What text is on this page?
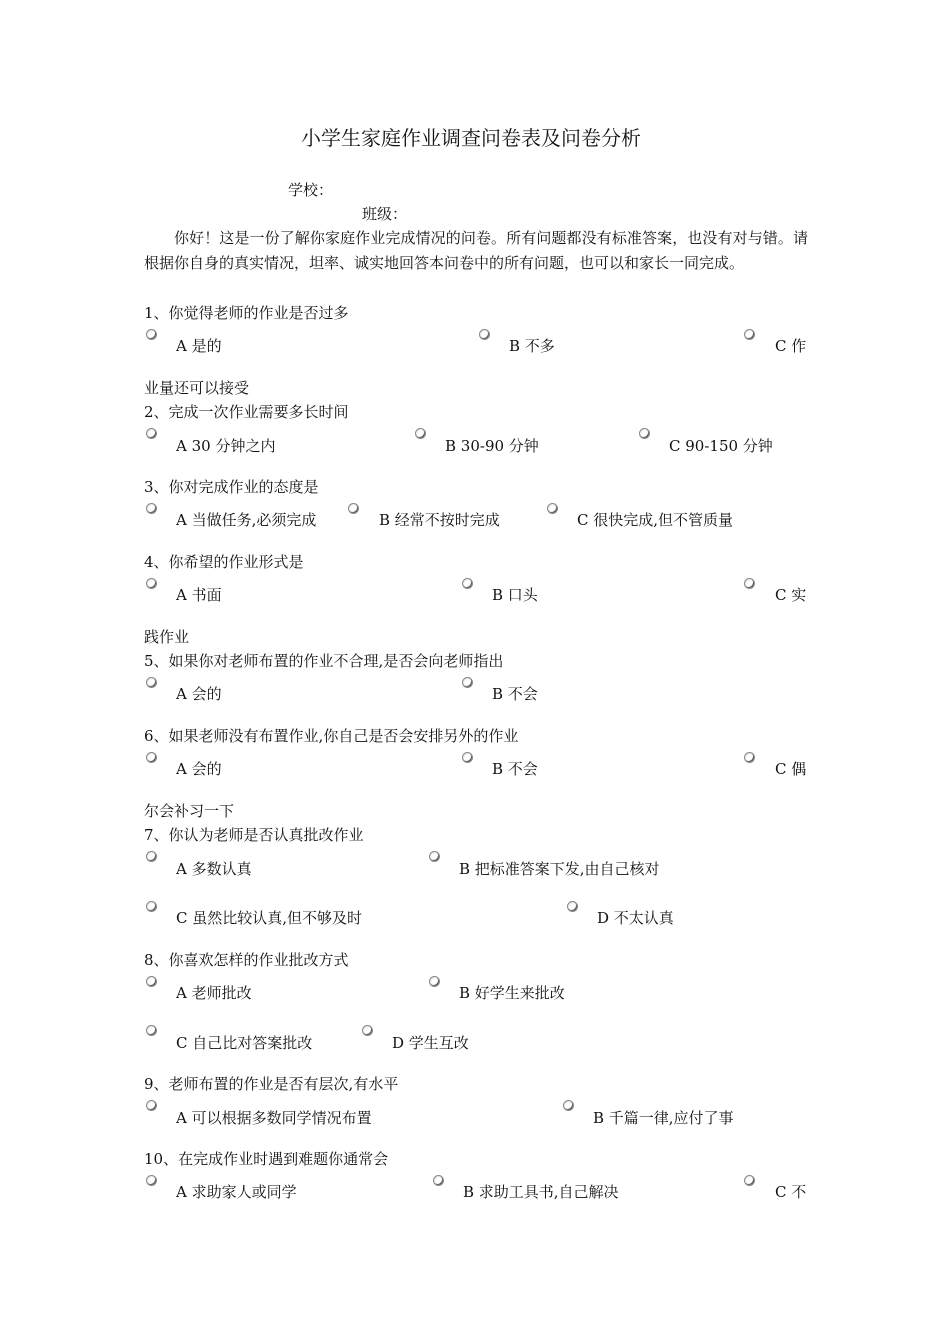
小学生家庭作业调查问卷表及问卷分析
学校：
班级：
你好！这是一份了解你家庭作业完成情况的问卷。所有问题都没有标准答案，也没有对与错。请根据你自身的真实情况，坦率、诚实地回答本问卷中的所有问题，也可以和家长一同完成。
1、你觉得老师的作业是否过多
A 是的	B 不多	C 作
业量还可以接受
2、完成一次作业需要多长时间
A 30 分钟之内	B 30-90 分钟	C 90-150 分钟
3、你对完成作业的态度是
A 当做任务,必须完成	B 经常不按时完成	C 很快完成,但不管质量
4、你希望的作业形式是
A 书面	B 口头	C 实
践作业
5、如果你对老师布置的作业不合理,是否会向老师指出
A 会的	B 不会
6、如果老师没有布置作业,你自己是否会安排另外的作业
A 会的	B 不会	C 偶
尔会补习一下
7、你认为老师是否认真批改作业
A 多数认真	B 把标准答案下发,由自己核对
C 虽然比较认真,但不够及时	D 不太认真
8、你喜欢怎样的作业批改方式
A 老师批改	B 好学生来批改
C 自己比对答案批改	D 学生互改
9、老师布置的作业是否有层次,有水平
A 可以根据多数同学情况布置	B 千篇一律,应付了事
10、在完成作业时遇到难题你通常会
A 求助家人或同学	B 求助工具书,自己解决	C 不
